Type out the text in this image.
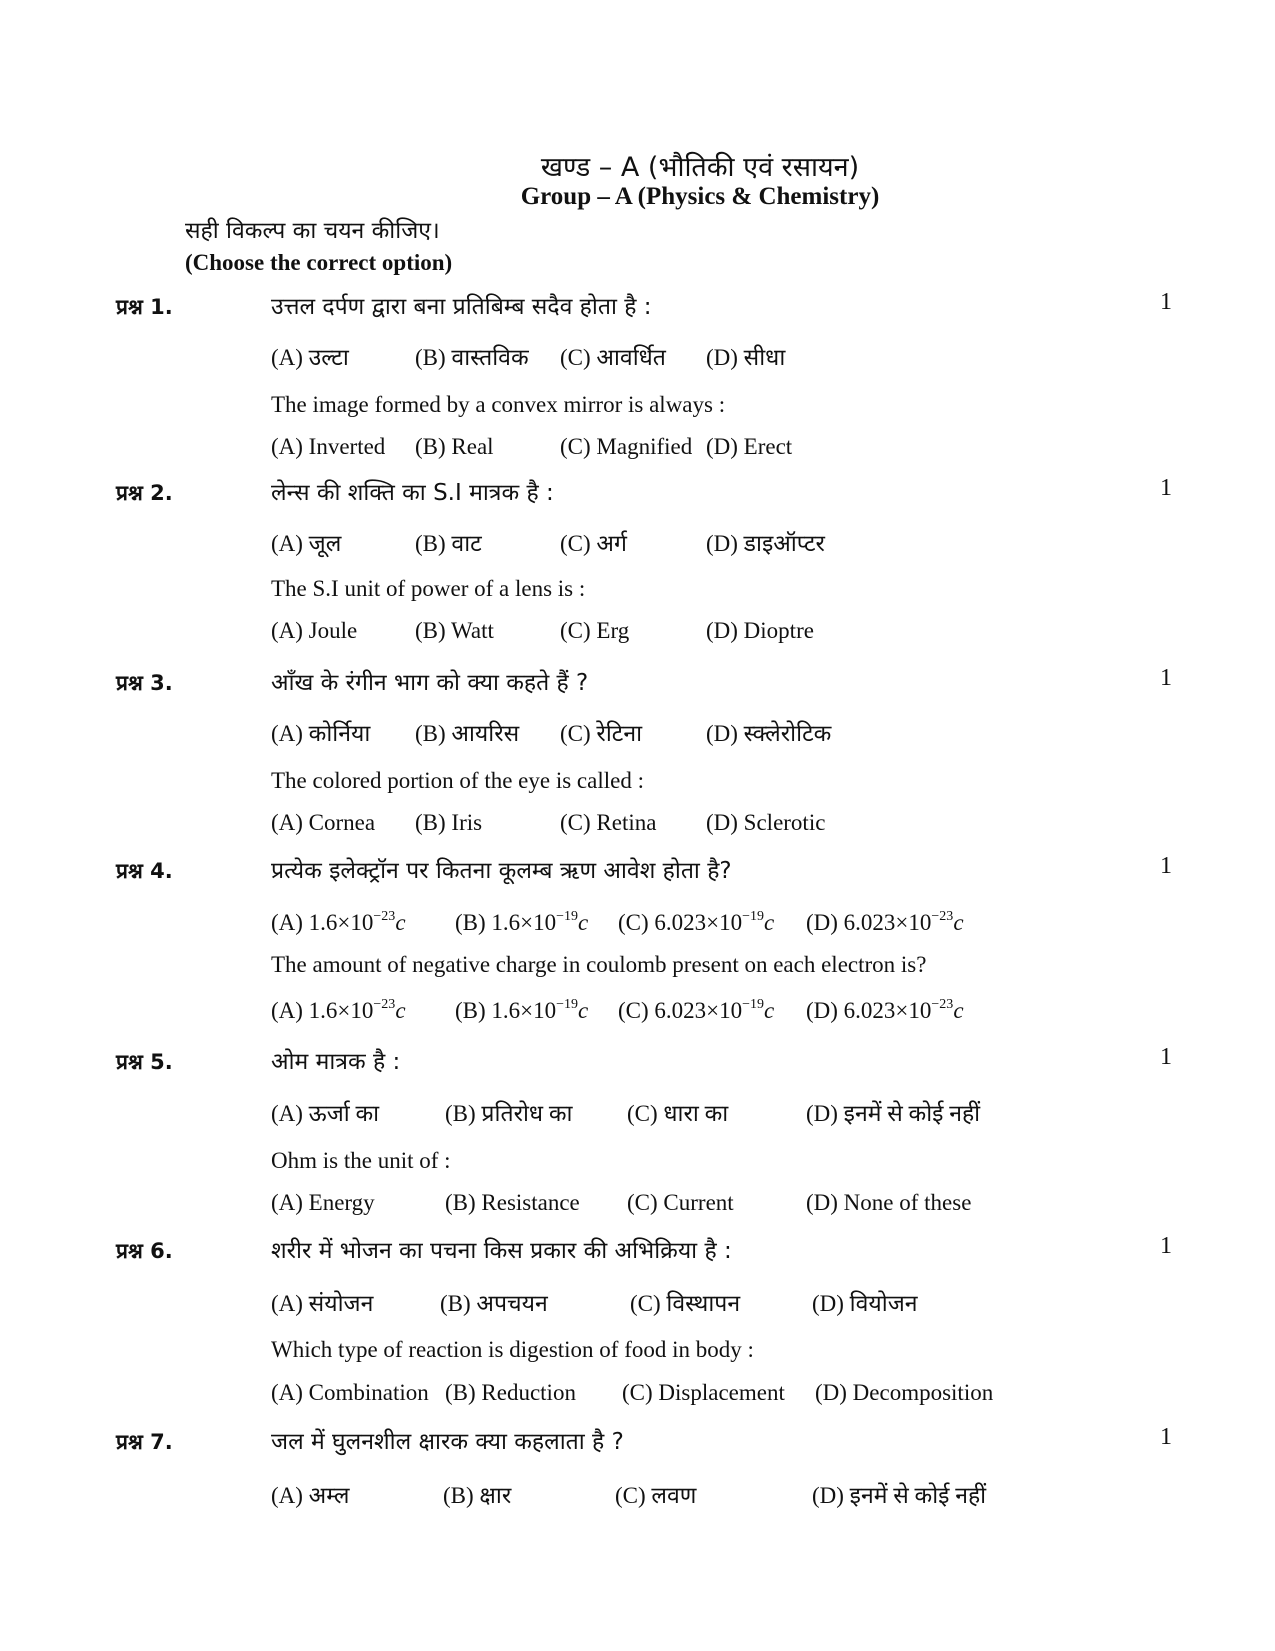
खण्ड – A (भौतिकी एवं रसायन)
Group – A (Physics & Chemistry)
सही विकल्प का चयन कीजिए।
(Choose the correct option)
प्रश्न 1.	उत्तल दर्पण द्वारा बना प्रतिबिम्ब सदैव होता है :	1
(A) उल्टा	(B) वास्तविक (C) आवर्धित (D) सीधा
The image formed by a convex mirror is always :
(A) Inverted (B) Real	(C) Magnified (D) Erect
प्रश्न 2.	लेन्स की शक्ति का S.I मात्रक है :	1
(A) जूल	(B) वाट	(C) अर्ग	(D) डाइऑप्टर
The S.I unit of power of a lens is :
(A) Joule	(B) Watt	(C) Erg	(D) Dioptre
प्रश्न 3.	आँख के रंगीन भाग को क्या कहते हैं ?	1
(A) कोर्निया (B) आयरिस (C) रेटिना	(D) स्क्लेरोटिक
The colored portion of the eye is called :
(A) Cornea (B) Iris	(C) Retina (D) Sclerotic
प्रश्न 4.	प्रत्येक इलेक्ट्रॉन पर कितना कूलम्ब ऋण आवेश होता है?	1
(A) $1.6\times 10^{-23}c$ (B) $1.6\times 10^{-19}c$ (C) $6.023\times 10^{-19}c$ (D) $6.023\times 10^{-23}c$
The amount of negative charge in coulomb present on each electron is?
(A) $1.6\times 10^{-23}c$ (B) $1.6\times 10^{-19}c$ (C) $6.023\times 10^{-19}c$ (D) $6.023\times 10^{-23}c$
प्रश्न 5.	ओम मात्रक है :	1
(A) ऊर्जा का	(B) प्रतिरोध का (C) धारा का	(D) इनमें से कोई नहीं
Ohm is the unit of :
(A) Energy	(B) Resistance (C) Current	(D) None of these
प्रश्न 6.	शरीर में भोजन का पचना किस प्रकार की अभिक्रिया है :	1
(A) संयोजन	(B) अपचयन	(C) विस्थापन	(D) वियोजन
Which type of reaction is digestion of food in body :
(A) Combination (B) Reduction (C) Displacement (D) Decomposition
प्रश्न 7.	जल में घुलनशील क्षारक क्या कहलाता है ?	1
(A) अम्ल	(B) क्षार	(C) लवण	(D) इनमें से कोई नहीं
